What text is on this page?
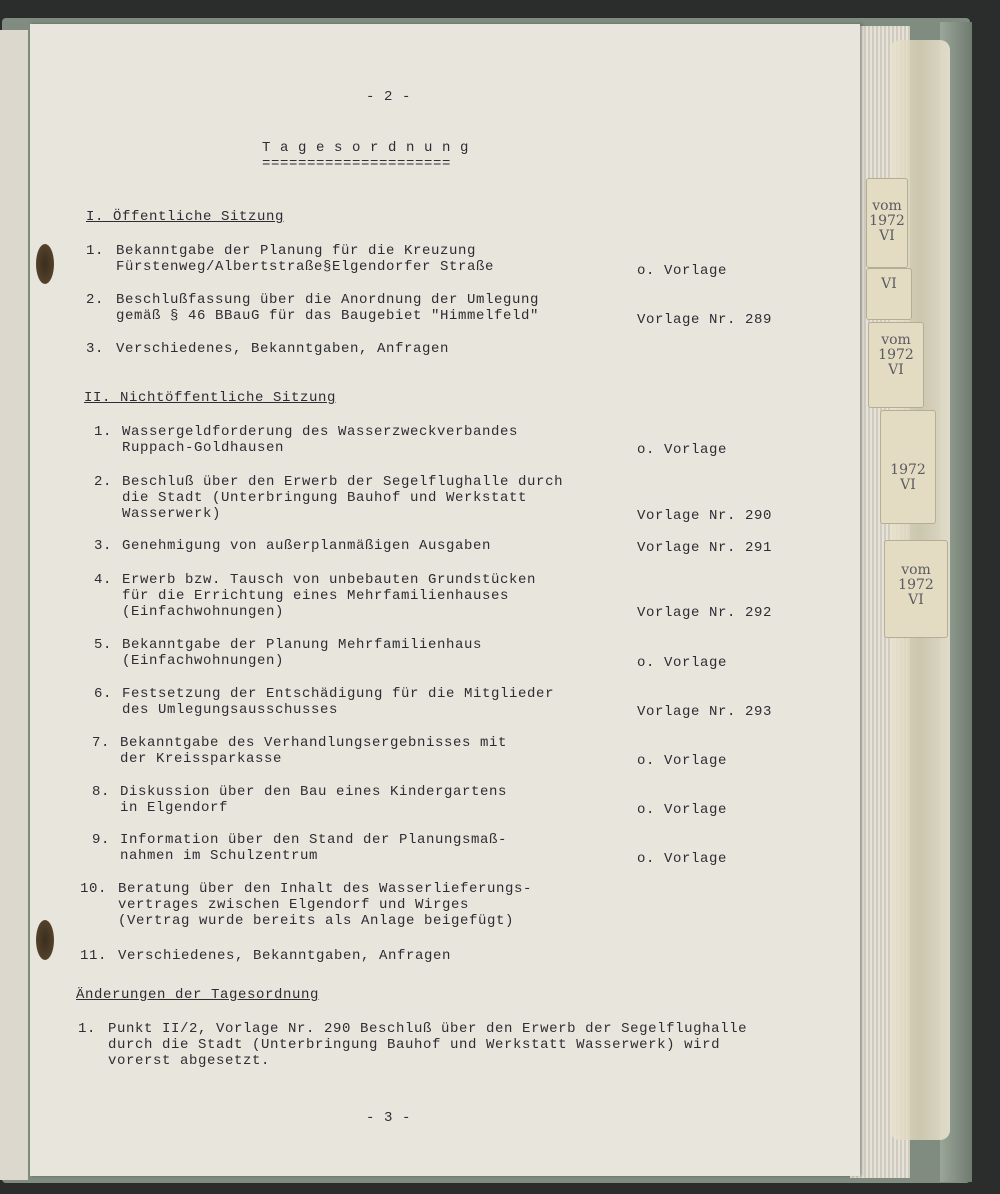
vom
1972
VI
VI
vom
1972
VI
1972
VI
vom
1972
VI
- 2 -
T a g e s o r d n u n g
=====================
I. Öffentliche Sitzung
1. Bekanntgabe der Planung für die Kreuzung
Fürstenweg/Albertstraße§Elgendorfer Straße	o. Vorlage
2. Beschlußfassung über die Anordnung der Umlegung
gemäß § 46 BBauG für das Baugebiet "Himmelfeld"	Vorlage Nr. 289
3. Verschiedenes, Bekanntgaben, Anfragen
II. Nichtöffentliche Sitzung
1. Wassergeldforderung des Wasserzweckverbandes
Ruppach-Goldhausen	o. Vorlage
2. Beschluß über den Erwerb der Segelflughalle durch
die Stadt (Unterbringung Bauhof und Werkstatt
Wasserwerk)	Vorlage Nr. 290
3. Genehmigung von außerplanmäßigen Ausgaben	Vorlage Nr. 291
4. Erwerb bzw. Tausch von unbebauten Grundstücken
für die Errichtung eines Mehrfamilienhauses
(Einfachwohnungen)	Vorlage Nr. 292
5. Bekanntgabe der Planung Mehrfamilienhaus
(Einfachwohnungen)	o. Vorlage
6. Festsetzung der Entschädigung für die Mitglieder
des Umlegungsausschusses	Vorlage Nr. 293
7. Bekanntgabe des Verhandlungsergebnisses mit
der Kreissparkasse	o. Vorlage
8. Diskussion über den Bau eines Kindergartens
in Elgendorf	o. Vorlage
9. Information über den Stand der Planungsmaß-
nahmen im Schulzentrum	o. Vorlage
10. Beratung über den Inhalt des Wasserlieferungs-
vertrages zwischen Elgendorf und Wirges
(Vertrag wurde bereits als Anlage beigefügt)
11. Verschiedenes, Bekanntgaben, Anfragen
Änderungen der Tagesordnung
1. Punkt II/2, Vorlage Nr. 290 Beschluß über den Erwerb der Segelflughalle
durch die Stadt (Unterbringung Bauhof und Werkstatt Wasserwerk) wird
vorerst abgesetzt.
- 3 -
